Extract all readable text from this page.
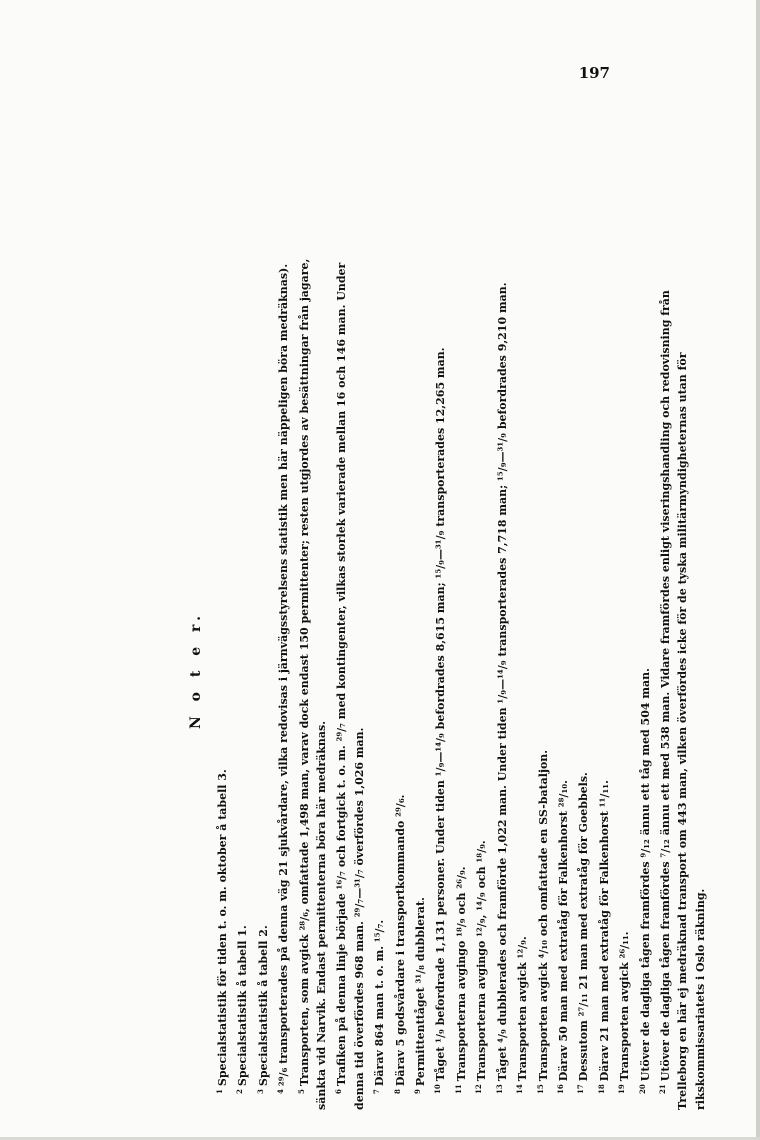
197
N o t e r.

$^1$Specialstatistik för tiden t. o. m. oktober å tabell 3.

$^2$Specialstatistik å tabell 1.

$^3$Specialstatistik å tabell 2.

$^4$²⁹/₆ transporterades på denna väg 21 sjukvårdare, vilka redovisas i järnvägsstyrelsens statistik men här näppeligen böra medräknas).

$^5$Transporten, som avgick ²⁸/₆, omfattade 1,498 man, varav dock endast 150 permittenter; resten utgjordes av besättningar från jagare, sänkta vid Narvik. Endast permittenterna böra här medräknas. $^6$Trafiken på denna linje började ¹⁶/₇ och fortgick t. o. m. ²⁹/₇ med kontingenter, vilkas storlek varierade mellan 16 och 146 man. Under denna tid överfördes 968 man. ²⁹/₇—³¹/₇ överfördes 1,026 man. $^7$Därav 864 man t. o. m. ¹⁵/₇.

$^8$Därav 5 godsvårdare i transportkommando ²⁹/₆.

$^9$Permittenttåget ³¹/₈ dubblerat.

$^{10}$Tåget ¹/₉ befordrade 1,131 personer. Under tiden ¹/₉—¹⁴/₉ befordrades 8,615 man; ¹⁵/₉—³¹/₉ transporterades 12,265 man.

$^{11}$Transporterna avgingo ¹⁸/₉ och ²⁶/₉.

$^{12}$Transporterna avgingo ¹²/₉, ¹⁴/₉ och ¹⁸/₉.

$^{13}$Tåget ⁴/₉ dubblerades och framförde 1,022 man. Under tiden ¹/₉—¹⁴/₉ transporterades 7,718 man; ¹⁵/₉—³¹/₉ befordrades 9,210 man.

$^{14}$Transporten avgick ¹²/₉.

$^{15}$Transporten avgick ⁴/₁₀ och omfattade en SS-bataljon.

$^{16}$Därav 50 man med extratåg för Falkenhorst ²⁸/₁₀.

$^{17}$Dessutom ²⁷/₁₁ 21 man med extratåg för Goebbels.

$^{18}$Därav 21 man med extratåg för Falkenhorst ¹¹/₁₁.

$^{19}$Transporten avgick ²⁶/₁₁.

$^{20}$Utöver de dagliga tågen framfördes ⁹/₁₂ ännu ett tåg med 504 man.

$^{21}$Utöver de dagliga tågen framfördes ⁷/₁₂ ännu ett med 538 man. Vidare framfördes enligt viseringshandling och redovisning från Trelleborg en här ej medräknad transport om 443 man, vilken överfördes icke för de tyska militärmyndigheternas utan för rikskommissariatets i Oslo räkning.
